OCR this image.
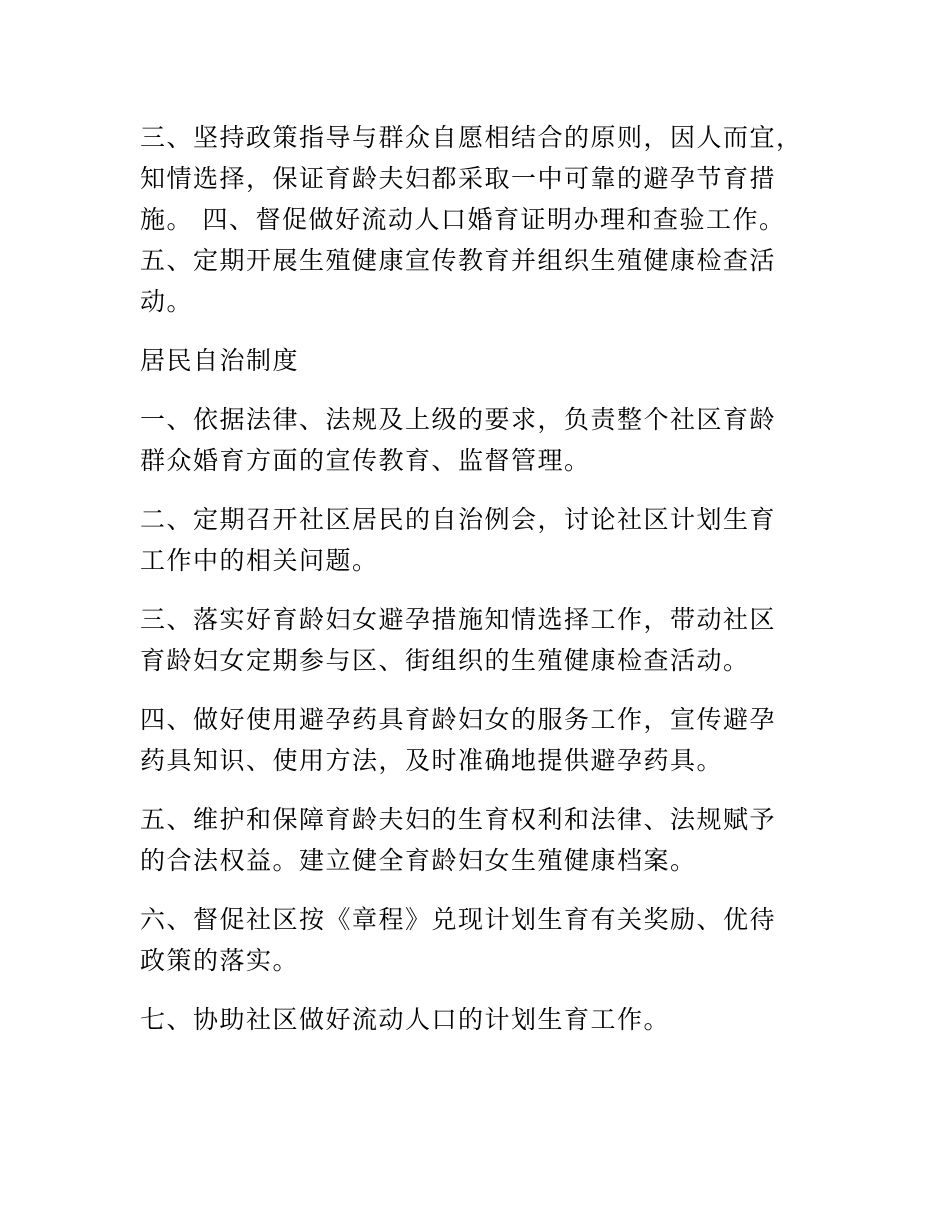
三、坚持政策指导与群众自愿相结合的原则，因人而宜，
知情选择，保证育龄夫妇都采取一中可靠的避孕节育措
施。 四、督促做好流动人口婚育证明办理和查验工作。
五、定期开展生殖健康宣传教育并组织生殖健康检查活
动。

居民自治制度

一、依据法律、法规及上级的要求，负责整个社区育龄
群众婚育方面的宣传教育、监督管理。

二、定期召开社区居民的自治例会，讨论社区计划生育
工作中的相关问题。

三、落实好育龄妇女避孕措施知情选择工作，带动社区
育龄妇女定期参与区、街组织的生殖健康检查活动。

四、做好使用避孕药具育龄妇女的服务工作，宣传避孕
药具知识、使用方法，及时准确地提供避孕药具。

五、维护和保障育龄夫妇的生育权利和法律、法规赋予
的合法权益。建立健全育龄妇女生殖健康档案。

六、督促社区按《章程》兑现计划生育有关奖励、优待
政策的落实。

七、协助社区做好流动人口的计划生育工作。
